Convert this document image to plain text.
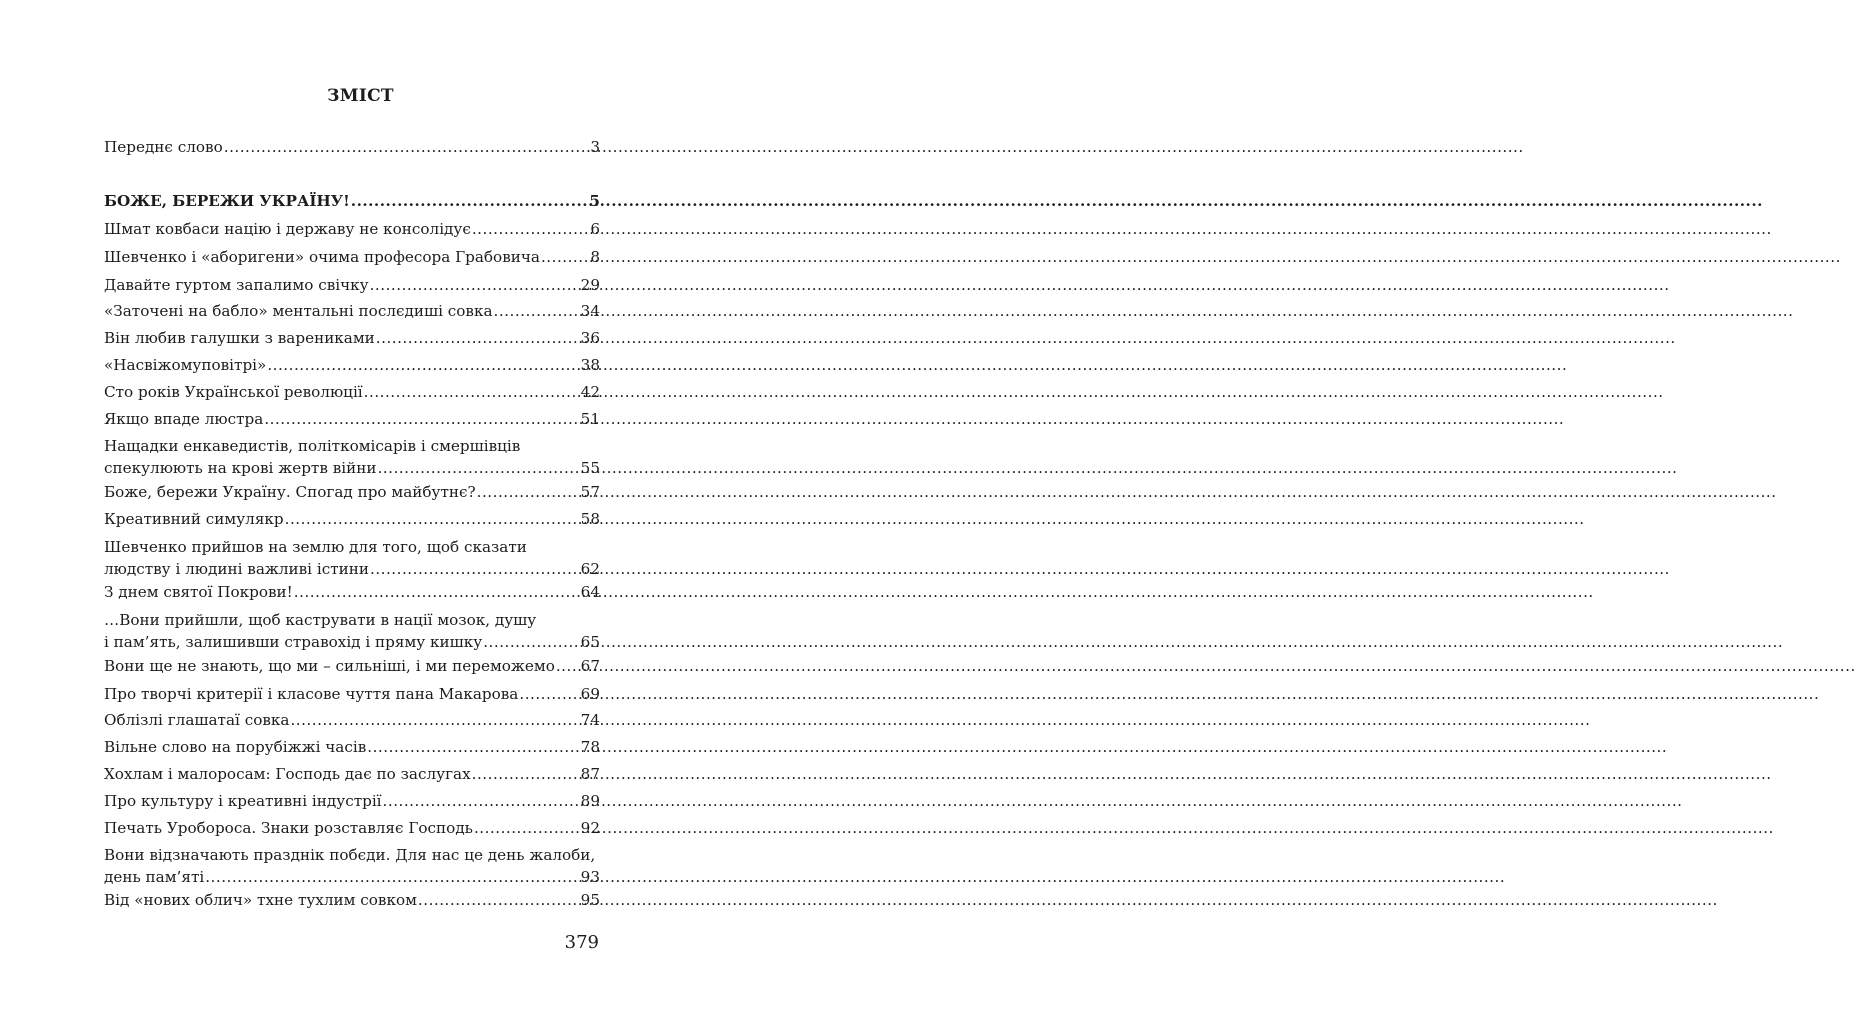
ЗМІСТ
Переднє слово .....	3
БОЖЕ, БЕРЕЖИ УКРАЇНУ! .....	5
Шмат ковбаси націю і державу не консолідує .....	6
Шевченко і «аборигени» очима професора Грабовича .....	8
Давайте гуртом запалимо свічку .....	29
«Заточені на бабло» ментальні послєдиші совка .....	34
Він любив галушки з варениками .....	36
«Насвіжомуповітрі» .....	38
Сто років Української революції .....	42
Якщо впаде люстра .....	51
Нащадки енкаведистів, політкомісарів і смершівців
спекулюють на крові жертв війни .....	55
Боже, бережи Україну. Спогад про майбутнє? .....	57
Креативний симулякр .....	58
Шевченко прийшов на землю для того, щоб сказати
людству і людині важливі істини .....	62
З днем святої Покрови! .....	64
…Вони прийшли, щоб каструвати в нації мозок, душу
і пам’ять, залишивши стравохід і пряму кишку .....	65
Вони ще не знають, що ми – сильніші, і ми переможемо ..... 67
Про творчі критерії і класове чуття пана Макарова .....	69
Облізлі глашатаї совка .....	74
Вільне слово на порубіжжі часів .....	78
Хохлам і малоросам: Господь дає по заслугах .....	87
Про культуру і креативні індустрії .....	89
Печать Уробороса. Знаки розставляє Господь .....	92
Вони відзначають празднік побєди. Для нас це день жалоби,
день пам’яті .....	93
Від «нових облич» тхне тухлим совком .....	95
379
